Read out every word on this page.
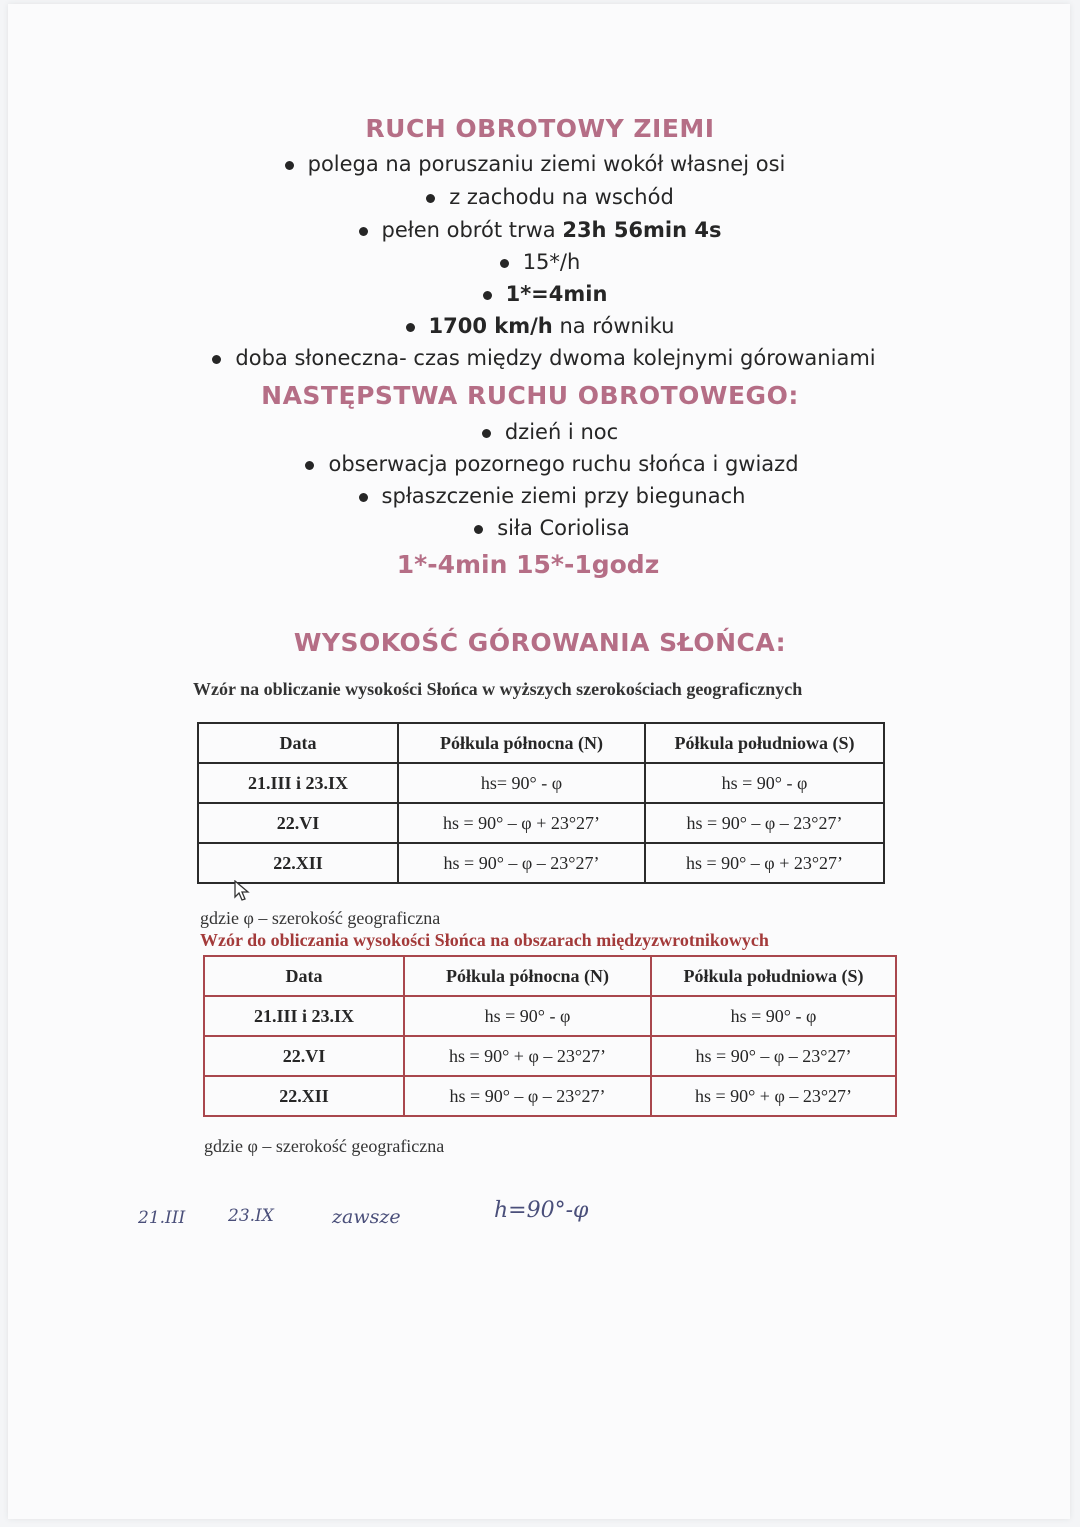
RUCH OBROTOWY ZIEMI
polega na poruszaniu ziemi wokół własnej osi
z zachodu na wschód
pełen obrót trwa 23h 56min 4s
15*/h
1*=4min
1700 km/h na równiku
doba słoneczna- czas między dwoma kolejnymi górowaniami
NASTĘPSTWA RUCHU OBROTOWEGO:
dzień i noc
obserwacja pozornego ruchu słońca i gwiazd
spłaszczenie ziemi przy biegunach
siła Coriolisa
1*-4min 15*-1godz
WYSOKOŚĆ GÓROWANIA SŁOŃCA:
Wzór na obliczanie wysokości Słońca w wyższych szerokościach geograficznych
Data	Półkula północna (N)	Półkula południowa (S)
21.III i 23.IX	hs= 90° - φ	hs = 90° - φ
22.VI	hs = 90° – φ + 23°27’	hs = 90° – φ – 23°27’
22.XII	hs = 90° – φ – 23°27’	hs = 90° – φ + 23°27’
gdzie φ – szerokość geograficzna
Wzór do obliczania wysokości Słońca na obszarach międzyzwrotnikowych
Data	Półkula północna (N)	Półkula południowa (S)
21.III i 23.IX	hs = 90° - φ	hs = 90° - φ
22.VI	hs = 90° + φ – 23°27’	hs = 90° – φ – 23°27’
22.XII	hs = 90° – φ – 23°27’	hs = 90° + φ – 23°27’
gdzie φ – szerokość geograficzna
21.III	23.IX	zawsze	h=90°-φ
